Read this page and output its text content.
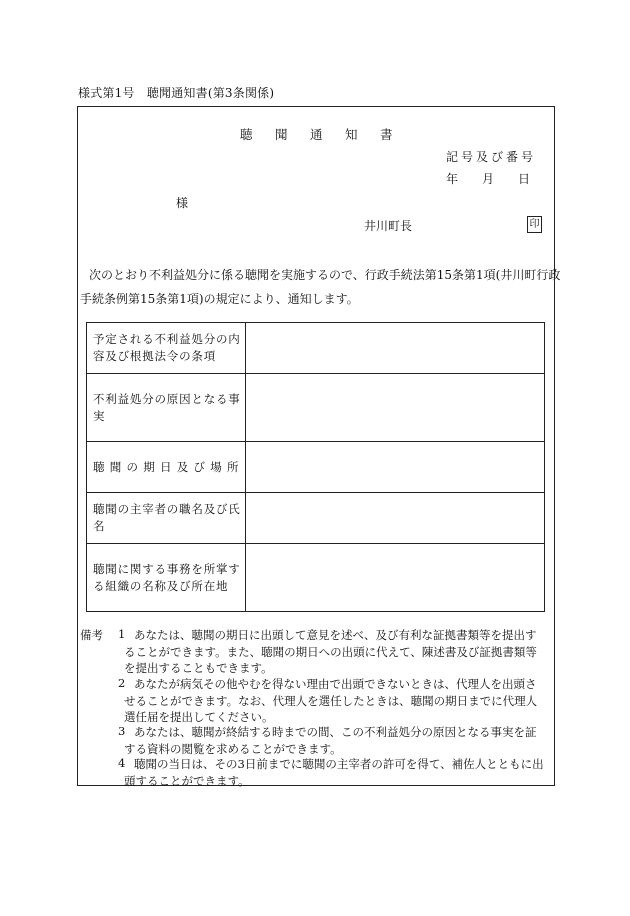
様式第1号　聴聞通知書(第3条関係)
聴 聞 通 知 書
記号及び番号
年 月 日
様
井川町長	印
次のとおり不利益処分に係る聴聞を実施するので、行政手続法第15条第1項(井川町行政
手続条例第15条第1項)の規定により、通知します。
予定される不利益処分の内容及び根拠法令の条項	
不利益処分の原因となる事　実	
聴 聞 の 期 日 及 び 場 所	
聴聞の主宰者の職名及び氏　名	
聴聞に関する事務を所掌する組織の名称及び所在地	
備考 1 あなたは、聴聞の期日に出頭して意見を述べ、及び有利な証拠書類等を提出することができます。また、聴聞の期日への出頭に代えて、陳述書及び証拠書類等を提出することもできます。
2 あなたが病気その他やむを得ない理由で出頭できないときは、代理人を出頭させることができます。なお、代理人を選任したときは、聴聞の期日までに代理人選任届を提出してください。
3 あなたは、聴聞が終結する時までの間、この不利益処分の原因となる事実を証する資料の閲覧を求めることができます。
4 聴聞の当日は、その3日前までに聴聞の主宰者の許可を得て、補佐人とともに出頭することができます。
